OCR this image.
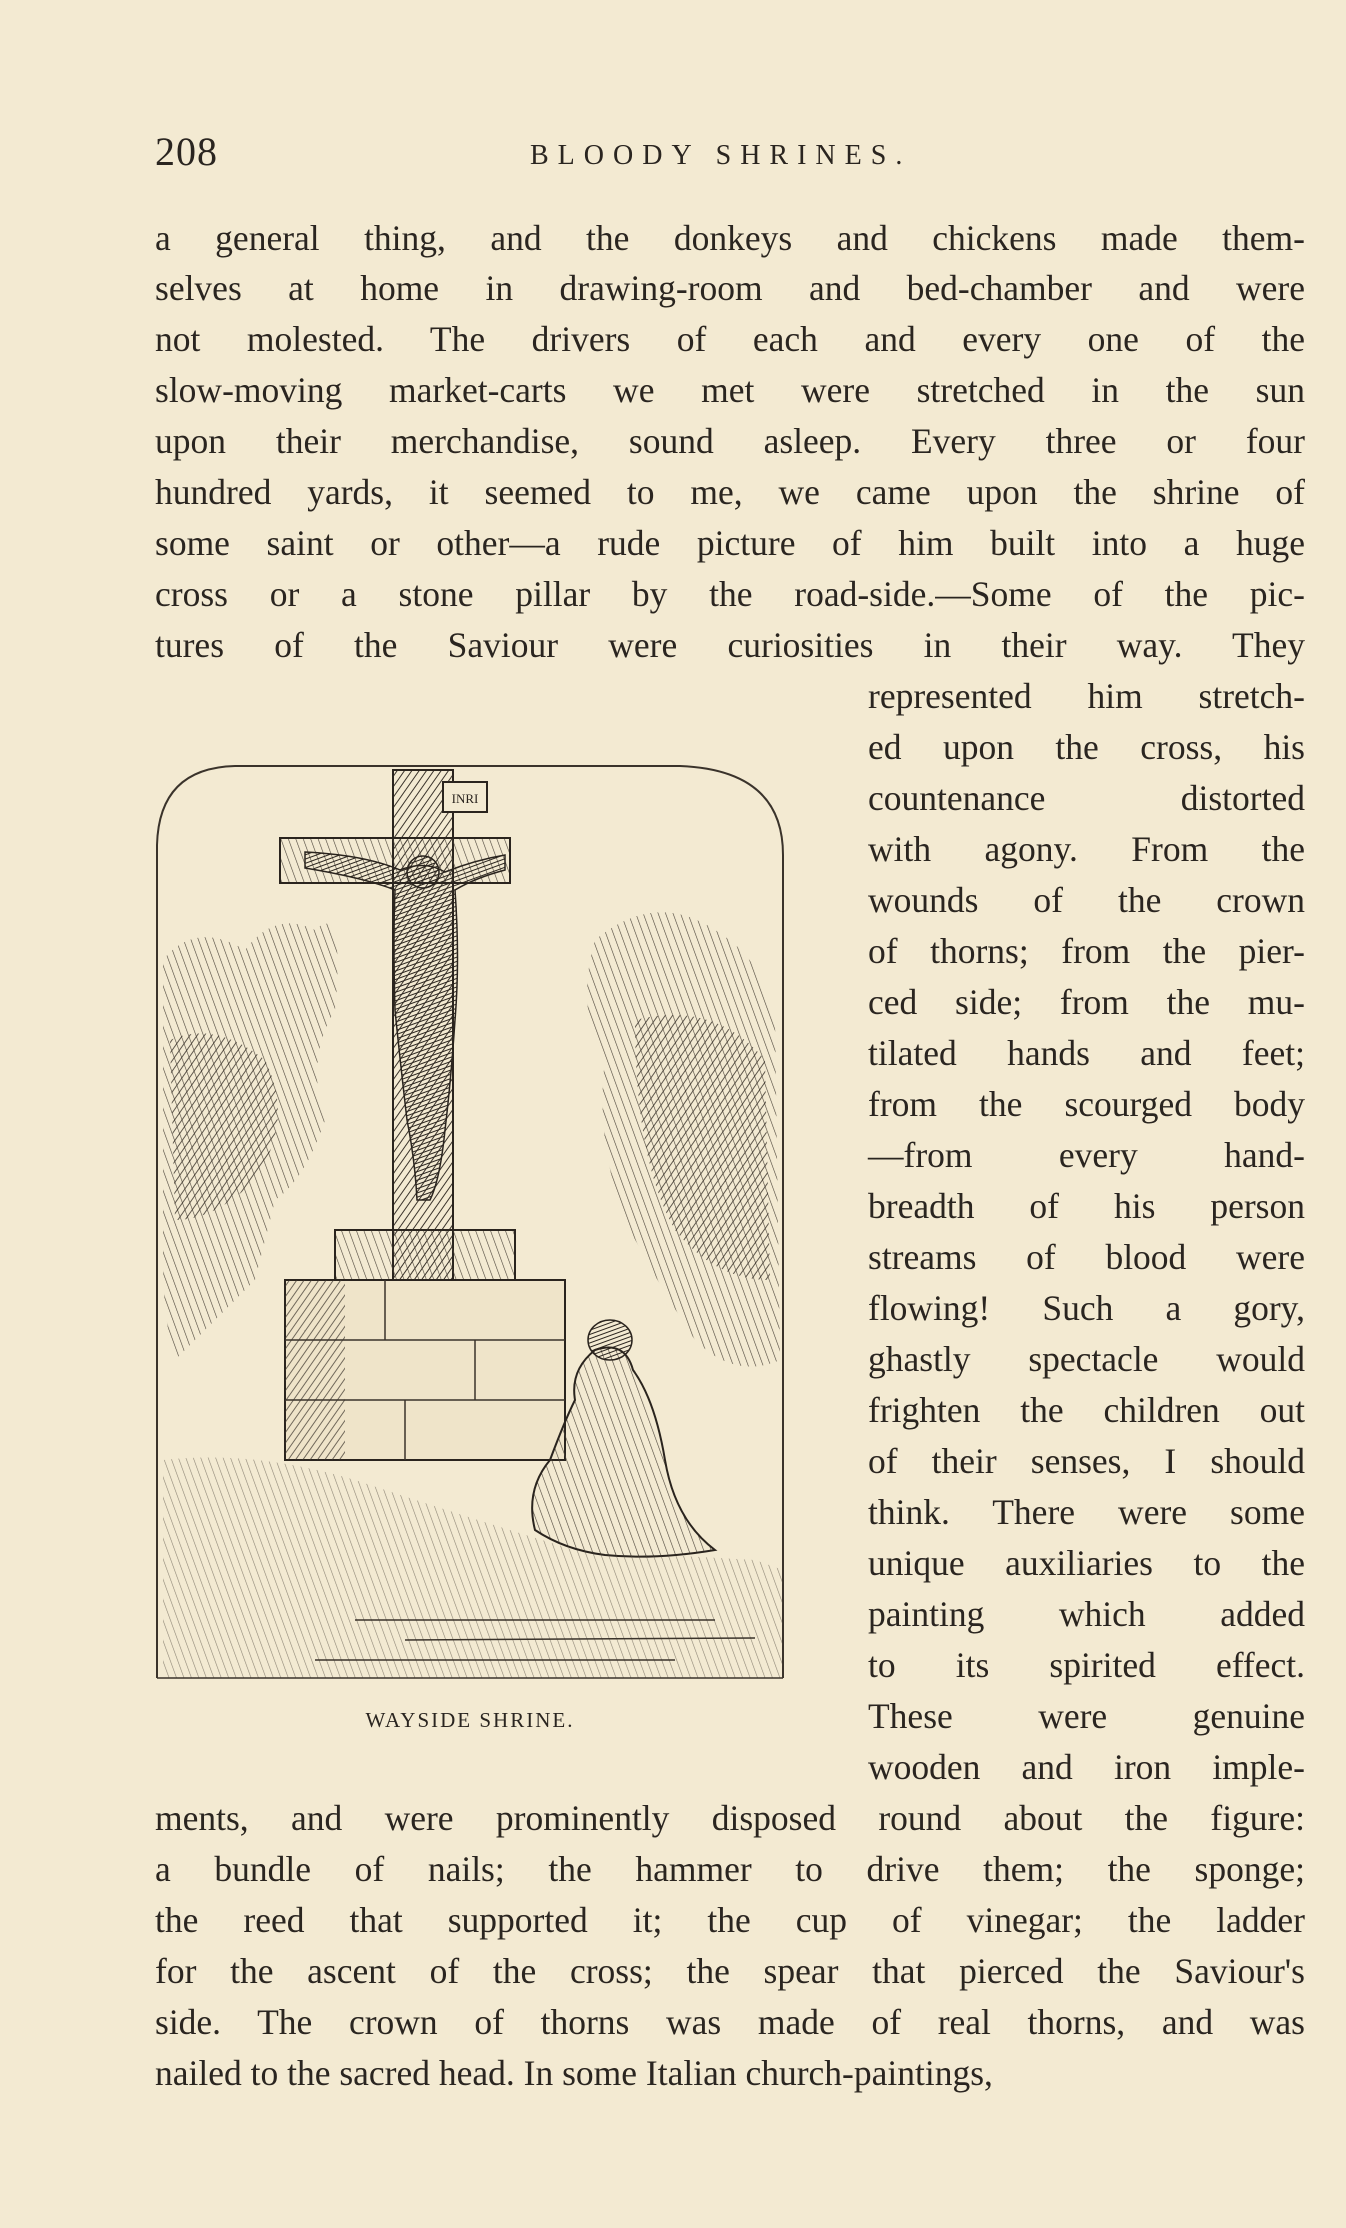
208	BLOODY SHRINES.
a general thing, and the donkeys and chickens made them-
selves at home in drawing-room and bed-chamber and were
not molested. The drivers of each and every one of the
slow-moving market-carts we met were stretched in the sun
upon their merchandise, sound asleep. Every three or four
hundred yards, it seemed to me, we came upon the shrine of
some saint or other—a rude picture of him built into a huge
cross or a stone pillar by the road-side.—Some of the pic-
tures of the Saviour were curiosities in their way. They
represented him stretch-
ed upon the cross, his
countenance distorted
with agony. From the
wounds of the crown
of thorns; from the pier-
ced side; from the mu-
tilated hands and feet;
from the scourged body
—from every hand-
breadth of his person
streams of blood were
flowing! Such a gory,
ghastly spectacle would
frighten the children out
of their senses, I should
think. There were some
unique auxiliaries to the
painting which added
to its spirited effect.
These were genuine
wooden and iron imple-
ments, and were prominently disposed round about the figure:
a bundle of nails; the hammer to drive them; the sponge;
the reed that supported it; the cup of vinegar; the ladder
for the ascent of the cross; the spear that pierced the Saviour's
side. The crown of thorns was made of real thorns, and was
nailed to the sacred head. In some Italian church-paintings,
INRI
WAYSIDE SHRINE.
